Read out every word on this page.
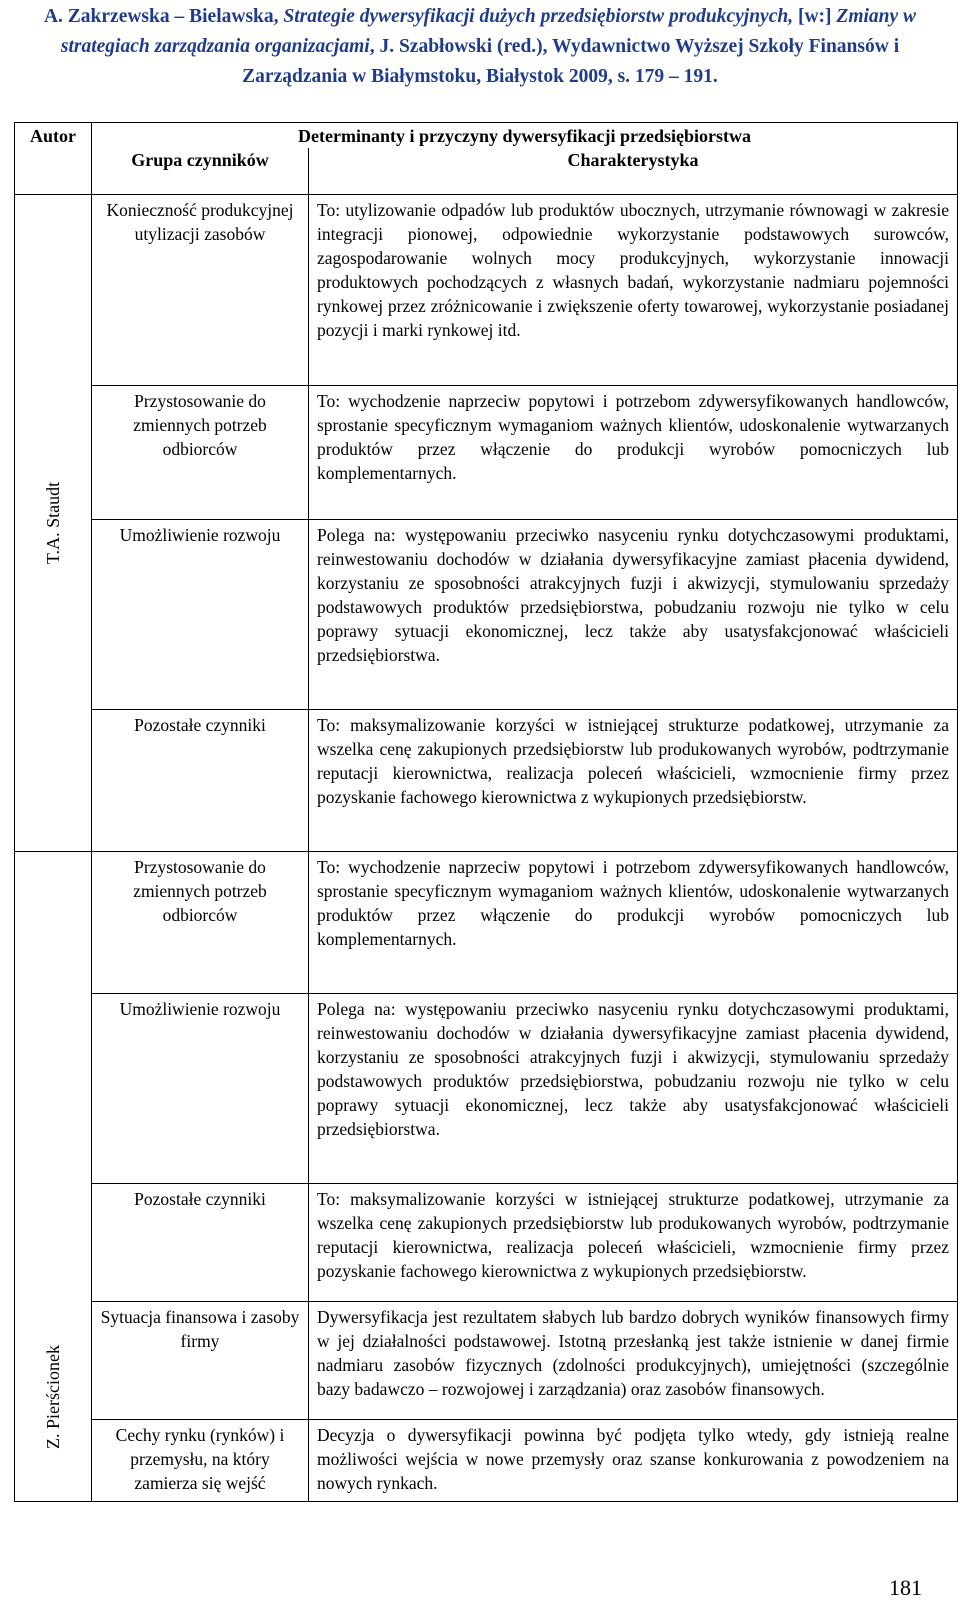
A. Zakrzewska – Bielawska, Strategie dywersyfikacji dużych przedsiębiorstw produkcyjnych, [w:] Zmiany w
strategiach zarządzania organizacjami, J. Szabłowski (red.), Wydawnictwo Wyższej Szkoły Finansów i
Zarządzania w Białymstoku, Białystok 2009, s. 179 – 191.
Autor	Determinanty i przyczyny dywersyfikacji przedsiębiorstwa	
	Grupa czynników	Charakterystyka

T.A. Staudt	Konieczność produkcyjnej utylizacji zasobów	To: utylizowanie odpadów lub produktów ubocznych, utrzymanie równowagi w zakresie integracji pionowej, odpowiednie wykorzystanie podstawowych surowców, zagospodarowanie wolnych mocy produkcyjnych, wykorzystanie innowacji produktowych pochodzących z własnych badań, wykorzystanie nadmiaru pojemności rynkowej przez zróżnicowanie i zwiększenie oferty towarowej, wykorzystanie posiadanej pozycji i marki rynkowej itd.
	Przystosowanie do zmiennych potrzeb odbiorców	To: wychodzenie naprzeciw popytowi i potrzebom zdywersyfikowanych handlowców, sprostanie specyficznym wymaganiom ważnych klientów, udoskonalenie wytwarzanych produktów przez włączenie do produkcji wyrobów pomocniczych lub komplementarnych.
	Umożliwienie rozwoju	Polega na: występowaniu przeciwko nasyceniu rynku dotychczasowymi produktami, reinwestowaniu dochodów w działania dywersyfikacyjne zamiast płacenia dywidend, korzystaniu ze sposobności atrakcyjnych fuzji i akwizycji, stymulowaniu sprzedaży podstawowych produktów przedsiębiorstwa, pobudzaniu rozwoju nie tylko w celu poprawy sytuacji ekonomicznej, lecz także aby usatysfakcjonować właścicieli przedsiębiorstwa.
	Pozostałe czynniki	To: maksymalizowanie korzyści w istniejącej strukturze podatkowej, utrzymanie za wszelka cenę zakupionych przedsiębiorstw lub produkowanych wyrobów, podtrzymanie reputacji kierownictwa, realizacja poleceń właścicieli, wzmocnienie firmy przez pozyskanie fachowego kierownictwa z wykupionych przedsiębiorstw.

Z. Pierścionek	Przystosowanie do zmiennych potrzeb odbiorców	To: wychodzenie naprzeciw popytowi i potrzebom zdywersyfikowanych handlowców, sprostanie specyficznym wymaganiom ważnych klientów, udoskonalenie wytwarzanych produktów przez włączenie do produkcji wyrobów pomocniczych lub komplementarnych.
	Umożliwienie rozwoju	Polega na: występowaniu przeciwko nasyceniu rynku dotychczasowymi produktami, reinwestowaniu dochodów w działania dywersyfikacyjne zamiast płacenia dywidend, korzystaniu ze sposobności atrakcyjnych fuzji i akwizycji, stymulowaniu sprzedaży podstawowych produktów przedsiębiorstwa, pobudzaniu rozwoju nie tylko w celu poprawy sytuacji ekonomicznej, lecz także aby usatysfakcjonować właścicieli przedsiębiorstwa.
	Pozostałe czynniki	To: maksymalizowanie korzyści w istniejącej strukturze podatkowej, utrzymanie za wszelka cenę zakupionych przedsiębiorstw lub produkowanych wyrobów, podtrzymanie reputacji kierownictwa, realizacja poleceń właścicieli, wzmocnienie firmy przez pozyskanie fachowego kierownictwa z wykupionych przedsiębiorstw.
	Sytuacja finansowa i zasoby firmy	Dywersyfikacja jest rezultatem słabych lub bardzo dobrych wyników finansowych firmy w jej działalności podstawowej. Istotną przesłanką jest także istnienie w danej firmie nadmiaru zasobów fizycznych (zdolności produkcyjnych), umiejętności (szczególnie bazy badawczo – rozwojowej i zarządzania) oraz zasobów finansowych.
	Cechy rynku (rynków) i przemysłu, na który zamierza się wejść	Decyzja o dywersyfikacji powinna być podjęta tylko wtedy, gdy istnieją realne możliwości wejścia w nowe przemysły oraz szanse konkurowania z powodzeniem na nowych rynkach.
181
